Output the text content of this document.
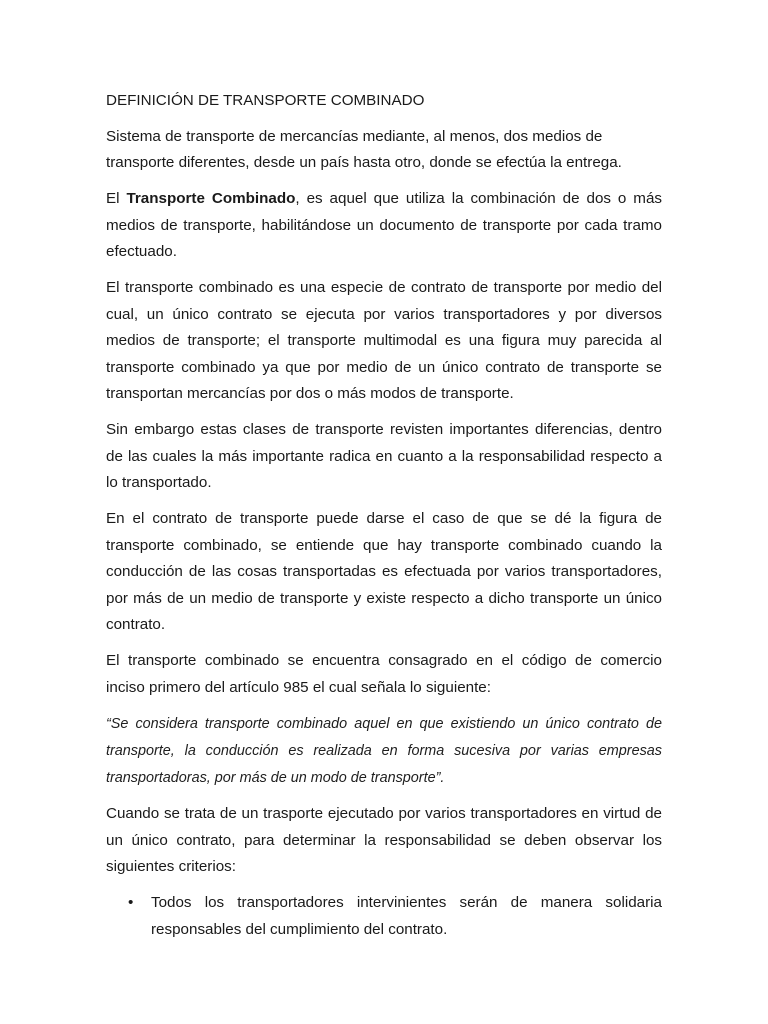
DEFINICIÓN DE TRANSPORTE COMBINADO

Sistema de transporte de mercancías mediante, al menos, dos medios de transporte diferentes, desde un país hasta otro, donde se efectúa la entrega.

El Transporte Combinado, es aquel que utiliza la combinación de dos o más medios de transporte, habilitándose un documento de transporte por cada tramo efectuado.

El transporte combinado es una especie de contrato de transporte por medio del cual, un único contrato se ejecuta por varios transportadores y por diversos medios de transporte; el transporte multimodal es una figura muy parecida al transporte combinado ya que por medio de un único contrato de transporte se transportan mercancías por dos o más modos de transporte.

Sin embargo estas clases de transporte revisten importantes diferencias, dentro de las cuales la más importante radica en cuanto a la responsabilidad respecto a lo transportado.

En el contrato de transporte puede darse el caso de que se dé la figura de transporte combinado, se entiende que hay transporte combinado cuando la conducción de las cosas transportadas es efectuada por varios transportadores, por más de un medio de transporte y existe respecto a dicho transporte un único contrato.

El transporte combinado se encuentra consagrado en el código de comercio inciso primero del artículo 985 el cual señala lo siguiente:

“Se considera transporte combinado aquel en que existiendo un único contrato de transporte, la conducción es realizada en forma sucesiva por varias empresas transportadoras, por más de un modo de transporte”.

Cuando se trata de un trasporte ejecutado por varios transportadores en virtud de un único contrato, para determinar la responsabilidad se deben observar los siguientes criterios:

• Todos los transportadores intervinientes serán de manera solidaria responsables del cumplimiento del contrato.
